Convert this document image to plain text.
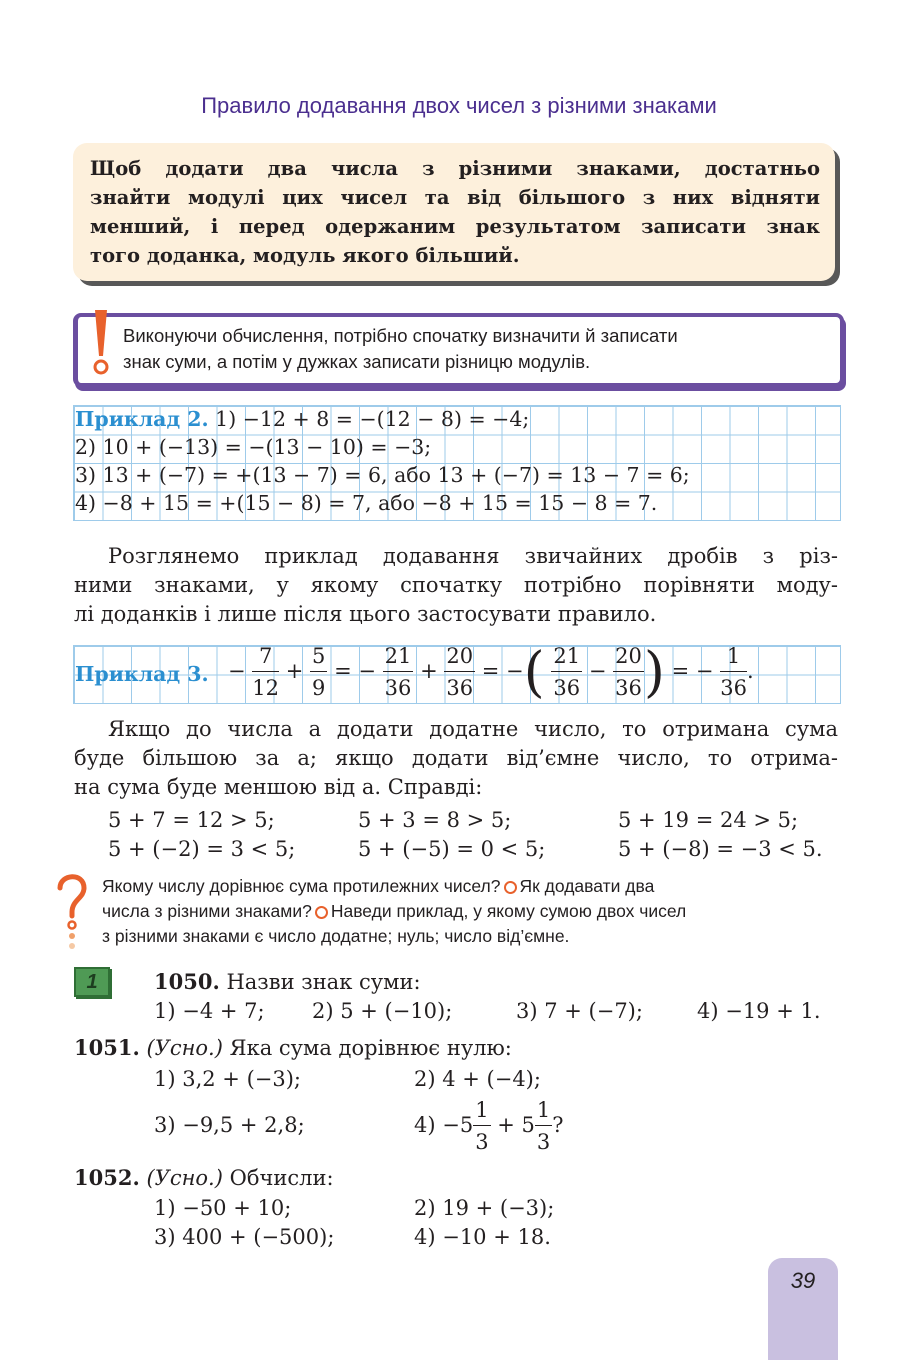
Правило додавання двох чисел з різними знаками
Щоб додати два числа з різними знаками, достатньо
знайти модулі цих чисел та від більшого з них відняти
менший, і перед одержаним результатом записати знак
того доданка, модуль якого більший.
Виконуючи обчислення, потрібно спочатку визначити й записати
знак суми, а потім у дужках записати різницю модулів.
Приклад 2. 1) −12 + 8 = −(12 − 8) = −4;
2) 10 + (−13) = −(13 − 10) = −3;
3) 13 + (−7) = +(13 − 7) = 6, або 13 + (−7) = 13 − 7 = 6;
4) −8 + 15 = +(15 − 8) = 7, або −8 + 15 = 15 − 8 = 7.
Розглянемо приклад додавання звичайних дробів з різ-
ними знаками, у якому спочатку потрібно порівняти моду-
лі доданків і лише після цього застосувати правило.
Приклад 3. − $\frac{7}{12} + \frac{5}{9}$ = − $\frac{21}{36} + \frac{20}{36}$ = −( $\frac{21}{36} - \frac{20}{36}$ ) = − $\frac{1}{36}$ .
Якщо до числа a додати додатне число, то отримана сума
буде більшою за a; якщо додати від’ємне число, то отрима-
на сума буде меншою від a. Справді:
5 + 7 = 12 > 5;	5 + 3 = 8 > 5;	5 + 19 = 24 > 5;
5 + (−2) = 3 < 5;	5 + (−5) = 0 < 5;	5 + (−8) = −3 < 5.
Якому числу дорівнює сума протилежних чисел? Як додавати два
числа з різними знаками? Наведи приклад, у якому сумою двох чисел
з різними знаками є число додатне; нуль; число від’ємне.
1	1050. Назви знак суми:
1) −4 + 7; 2) 5 + (−10);	3) 7 + (−7);	4) −19 + 1.
1051. (Усно.) Яка сума дорівнює нулю:
1) 3,2 + (−3);	2) 4 + (−4);
3) −9,5 + 2,8;	$4) -5 \frac{1}{3} + 5 \frac{1}{3}$ ?
1052. (Усно.) Обчисли:
1) −50 + 10;	2) 19 + (−3);
3) 400 + (−500);	4) −10 + 18.
39
